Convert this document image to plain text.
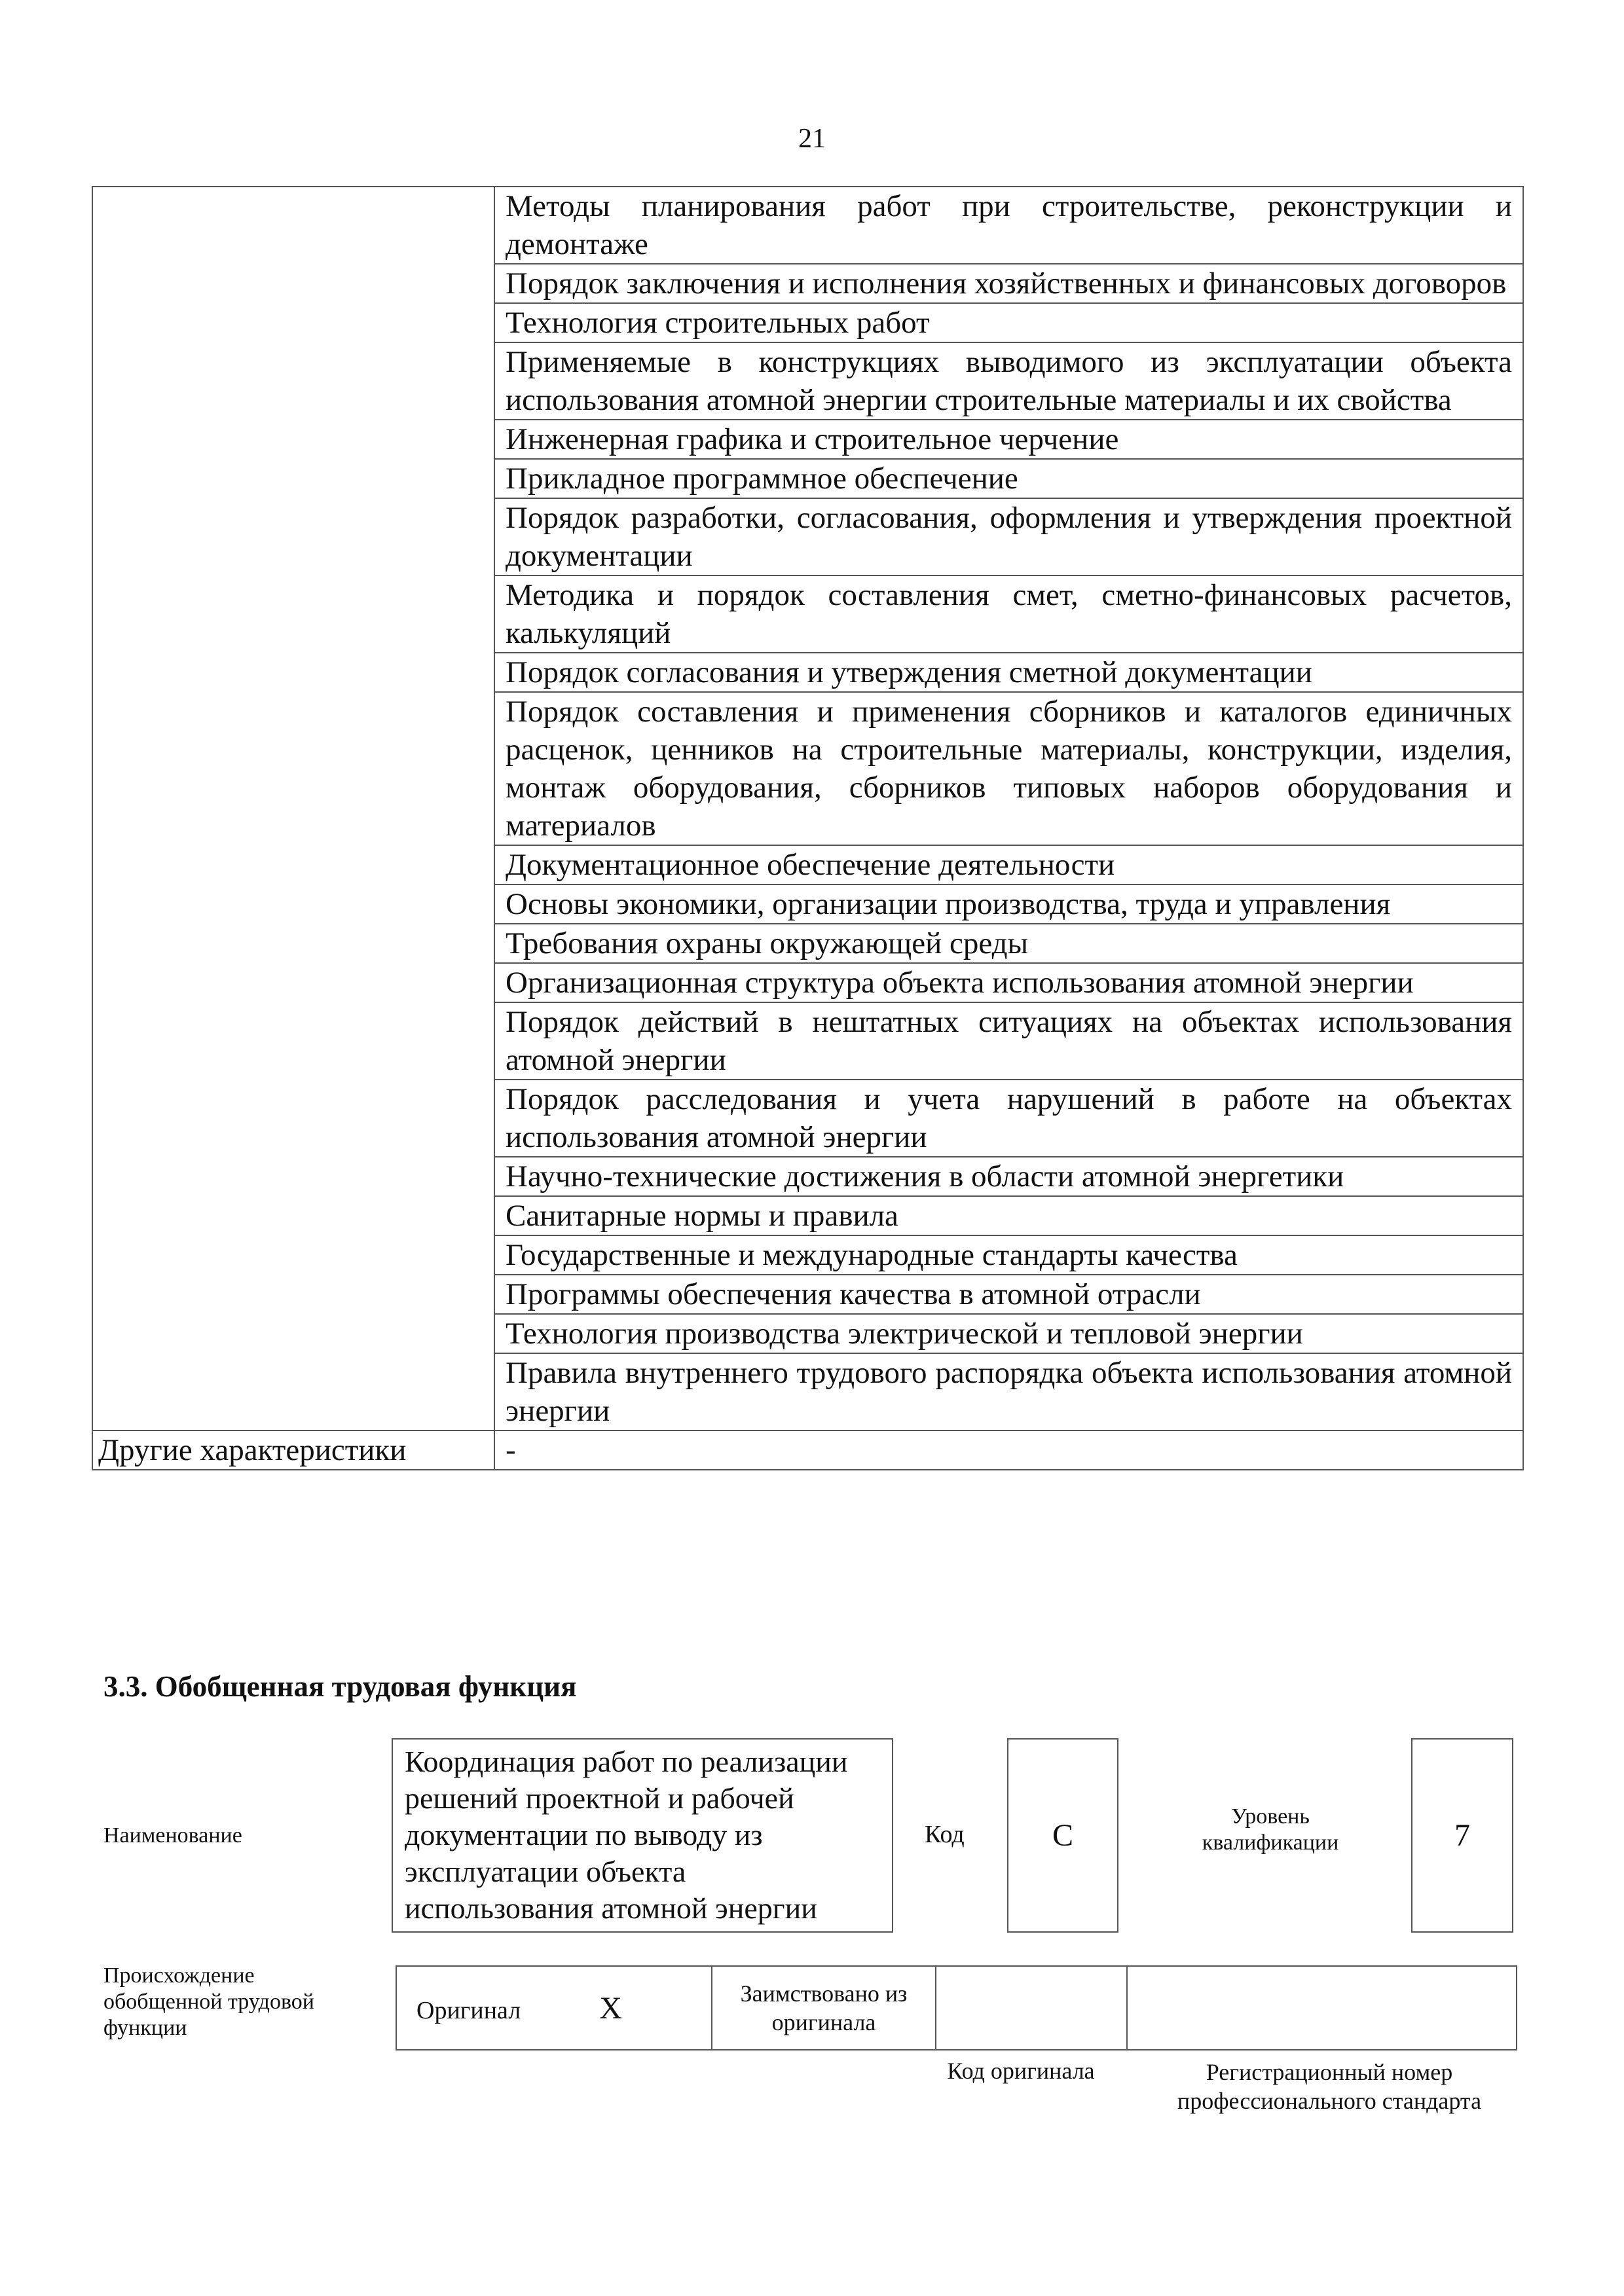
21

	Методы планирования работ при строительстве, реконструкции и демонтаже

	Порядок заключения и исполнения хозяйственных и финансовых договоров

	Технология строительных работ

	Применяемые в конструкциях выводимого из эксплуатации объекта использования атомной энергии строительные материалы и их свойства

	Инженерная графика и строительное черчение

	Прикладное программное обеспечение

	Порядок разработки, согласования, оформления и утверждения проектной документации

	Методика и порядок составления смет, сметно-финансовых расчетов, калькуляций

	Порядок согласования и утверждения сметной документации

	Порядок составления и применения сборников и каталогов единичных расценок, ценников на строительные материалы, конструкции, изделия, монтаж оборудования, сборников типовых наборов оборудования и материалов

	Документационное обеспечение деятельности

	Основы экономики, организации производства, труда и управления

	Требования охраны окружающей среды

	Организационная структура объекта использования атомной энергии

	Порядок действий в нештатных ситуациях на объектах использования атомной энергии

	Порядок расследования и учета нарушений в работе на объектах использования атомной энергии

	Научно-технические достижения в области атомной энергетики

	Санитарные нормы и правила

	Государственные и международные стандарты качества

	Программы обеспечения качества в атомной отрасли

	Технология производства электрической и тепловой энергии

	Правила внутреннего трудового распорядка объекта использования атомной энергии

Другие характеристики	-
3.3. Обобщенная трудовая функция
Наименование
Координация работ по реализации решений проектной и рабочей документации по выводу из эксплуатации объекта использования атомной энергии
Код	C
Уровень квалификации	7
Происхождение обобщенной трудовой функции
Оригинал	X	Заимствовано из оригинала		
Код оригинала	Регистрационный номер профессионального стандарта
